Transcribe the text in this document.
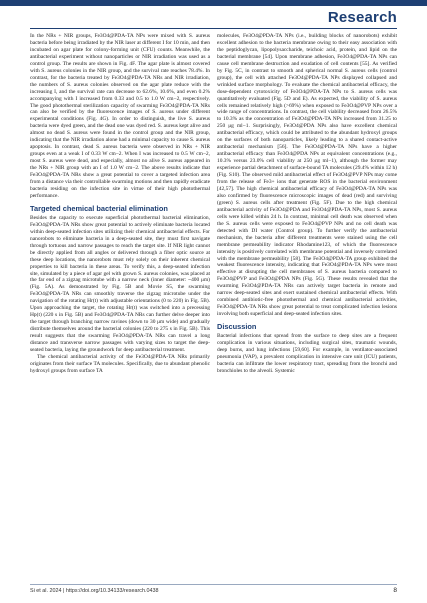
Research

In the NRs + NIR groups, Fe3O4@PDA-TA NPs were mixed with S. aureus bacteria before being irradiated by the NIR laser at different I for 10 min, and then incubated on agar plate for colony-forming unit (CFU) counts. Meanwhile, the antibacterial experiment without nanoparticles or NIR irradiation was used as a control group. The results are shown in Fig. 4F. The agar plate is almost covered with S. aureus colonies in the NIR group, and the survival rate reaches 78.4%. In contrast, for the bacteria treated by Fe3O4@PDA-TA NRs and NIR irradiation, the numbers of S. aureus colonies observed on the agar plate reduce with the increasing I, and the survival rate can decrease to 62.6%, 10.6%, and even 0.2% accompanying with I increased from 0.33 and 0.5 to 1.0 W cm−2, respectively. The good photothermal sterilization capacity of swarming Fe3O4@PDA-TA NRs can also be verified by the fluorescence images of S. aureus under different experimental conditions (Fig. 4G). In order to distinguish, the live S. aureus bacteria were dyed green, and the dead one was dyed red. S. aureus kept alive and almost no dead S. aureus were found in the control group and the NIR group, indicating that the NIR irradiation alone had a minimal capacity to cause S. aureus apoptosis. In contrast, dead S. aureus bacteria were observed in NRs + NIR groups even at a weak I of 0.33 W cm−2. When I was increased to 0.5 W cm−2, most S. aureus were dead, and especially, almost no alive S. aureus appeared in the NRs + NIR group with an I of 1.0 W cm−2. The above results indicate that Fe3O4@PDA-TA NRs show a great potential to cover a targeted infection area from a distance via their controllable swarming motions and then rapidly eradicate bacteria residing on the infection site in virtue of their high photothermal performance.

Targeted chemical bacterial elimination

Besides the capacity to execute superficial photothermal bacterial elimination, Fe3O4@PDA-TA NRs show great potential to actively eliminate bacteria located within deep-seated infection sites utilizing their chemical antibacterial effects. For nanorobots to eliminate bacteria in a deep-seated site, they must first navigate through tortuous and narrow passages to reach the target site. If NIR light cannot be directly applied from all angles or delivered through a fiber optic source at these deep locations, the nanorobots must rely solely on their inherent chemical properties to kill bacteria in these areas. To verify this, a deep-seated infection site, simulated by a piece of agar gel with grown S. aureus colonies, was placed at the far end of a zigzag microtube with a narrow neck (inner diameter: ~400 μm) (Fig. 5A). As demonstrated by Fig. 5B and Movie S5, the swarming Fe3O4@PDA-TA NRs can smoothly traverse the zigzag microtube under the navigation of the rotating Hr(t) with adjustable orientations (0 to 220) in Fig. 5B). Upon approaching the target, the rotating Hr(t) was switched into a precessing Hp(t) (220 s in Fig. 5B) and Fe3O4@PDA-TA NRs can further delve deeper into the target through branching narrow ravines (down to 30 μm wide) and gradually distribute themselves around the bacterial colonies (220 to 275 s in Fig. 5B). This result suggests that the swarming Fe3O4@PDA-TA NRs can travel a long distance and transverse narrow passages with varying sizes to target the deep-seated bacteria, laying the groundwork for deep antibacterial treatment.

The chemical antibacterial activity of the Fe3O4@PDA-TA NRs primarily originates from their surface TA molecules. Specifically, due to abundant phenolic hydroxyl groups from surface TA

molecules, Fe3O4@PDA-TA NPs (i.e., building blocks of nanorobots) exhibit excellent adhesion to the bacteria membrane owing to their easy association with the peptidoglycan, lipopolysaccharide, teichoic acid, protein, and lipid on the bacterial membrane [54]. Upon membrane adhesion, Fe3O4@PDA-TA NPs can cause cell membrane destruction and exudation of cell contents [55]. As verified by Fig. 5C, in contrast to smooth and spherical normal S. aureus cells (control group), the cell with attached Fe3O4@PDA-TA NPs displayed collapsed and wrinkled surface morphology. To evaluate the chemical antibacterial efficacy, the dose-dependent cytotoxicity of Fe3O4@PDA-TA NPs to S. aureus cells was quantitatively evaluated (Fig. 5D and E). As expected, the viability of S. aureus cells remained relatively high (>69%) when exposed to Fe3O4@PVP NPs over a wide range of concentrations. In contrast, the cell viability decreased from 26.5% to 10.3% as the concentration of Fe3O4@PDA-TA NPs increased from 31.25 to 250 μg ml−1. Surprisingly, Fe3O4@PDA NPs also have excellent chemical antibacterial efficacy, which could be attributed to the abundant hydroxyl groups on the surfaces of both nanoparticles, likely leading to a shared contact-active antibacterial mechanism [56]. The Fe3O4@PDA-TA NPs have a higher antibacterial efficacy than Fe3O4@PDA NPs at equivalent concentrations (e.g., 10.3% versus 23.0% cell viability at 250 μg ml−1), although the former may experience partial detachment of surface-bound TA molecules (29.4% within 12 h) (Fig. S10). The observed mild antibacterial effect of Fe3O4@PVP NPs may come from the release of Fe3+ ions that generate ROS in the bacterial environment [42,57]. The high chemical antibacterial efficacy of Fe3O4@PDA-TA NPs was also confirmed by fluorescence microscopic images of dead (red) and surviving (green) S. aureus cells after treatment (Fig. 5F). Due to the high chemical antibacterial activity of Fe3O4@PDA and Fe3O4@PDA-TA NPs, most S. aureus cells were killed within 24 h. In contrast, minimal cell death was observed when the S. aureus cells were exposed to Fe3O4@PVP NPs and no cell death was detected with DI water (Control group). To further verify the antibacterial mechanism, the bacteria after different treatments were stained using the cell membrane permeability indicator Rhodamine123, of which the fluorescence intensity is positively correlated with membrane potential and inversely correlated with the membrane permeability [58]. The Fe3O4@PDA-TA group exhibited the weakest fluorescence intensity, indicating that Fe3O4@PDA-TA NPs were most effective at disrupting the cell membranes of S. aureus bacteria compared to Fe3O4@PVP and Fe3O4@PDA NPs (Fig. 5G). These results revealed that the swarming Fe3O4@PDA-TA NRs can actively target bacteria in remote and narrow deep-seated sites and exert sustained chemical antibacterial effects. With combined antibiotic-free photothermal and chemical antibacterial activities, Fe3O4@PDA-TA NRs show great potential to treat complicated infection lesions involving both superficial and deep-seated infection sites.

Discussion

Bacterial infections that spread from the surface to deep sites are a frequent complication in various situations, including surgical sites, traumatic wounds, deep burns, and lung infections [59,60]. For example, in ventilator-associated pneumonia (VAP), a prevalent complication in intensive care unit (ICU) patients, bacteria can infiltrate the lower respiratory tract, spreading from the bronchi and bronchioles to the alveoli. Systemic

Si et al. 2024 | https://doi.org/10.34133/research.0438	8
